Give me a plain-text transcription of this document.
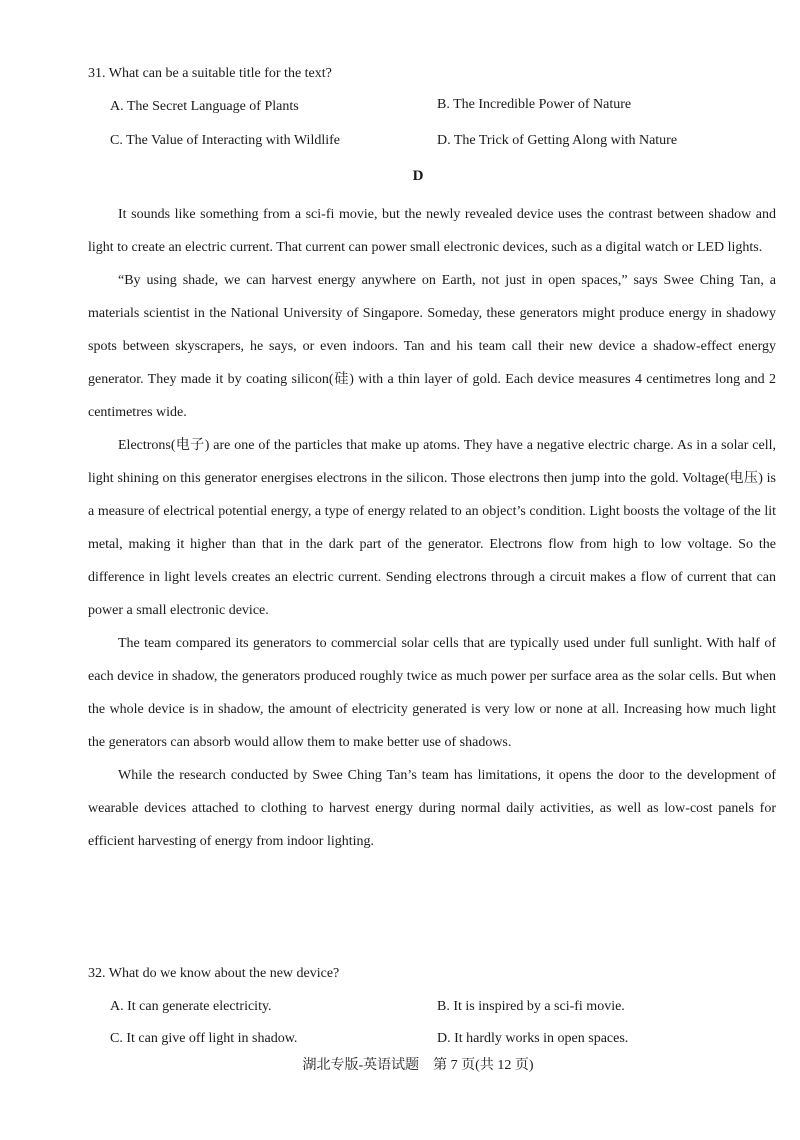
31. What can be a suitable title for the text?
A. The Secret Language of Plants	B. The Incredible Power of Nature
C. The Value of Interacting with Wildlife	D. The Trick of Getting Along with Nature
D

It sounds like something from a sci-fi movie, but the newly revealed device uses the contrast between shadow and light to create an electric current. That current can power small electronic devices, such as a digital watch or LED lights.

“By using shade, we can harvest energy anywhere on Earth, not just in open spaces,” says Swee Ching Tan, a materials scientist in the National University of Singapore. Someday, these generators might produce energy in shadowy spots between skyscrapers, he says, or even indoors. Tan and his team call their new device a shadow-effect energy generator. They made it by coating silicon(硅) with a thin layer of gold. Each device measures 4 centimetres long and 2 centimetres wide.

Electrons(电子) are one of the particles that make up atoms. They have a negative electric charge. As in a solar cell, light shining on this generator energises electrons in the silicon. Those electrons then jump into the gold. Voltage(电压) is a measure of electrical potential energy, a type of energy related to an object’s condition. Light boosts the voltage of the lit metal, making it higher than that in the dark part of the generator. Electrons flow from high to low voltage. So the difference in light levels creates an electric current. Sending electrons through a circuit makes a flow of current that can power a small electronic device.

The team compared its generators to commercial solar cells that are typically used under full sunlight. With half of each device in shadow, the generators produced roughly twice as much power per surface area as the solar cells. But when the whole device is in shadow, the amount of electricity generated is very low or none at all. Increasing how much light the generators can absorb would allow them to make better use of shadows.

While the research conducted by Swee Ching Tan’s team has limitations, it opens the door to the development of wearable devices attached to clothing to harvest energy during normal daily activities, as well as low-cost panels for efficient harvesting of energy from indoor lighting.

32. What do we know about the new device?
A. It can generate electricity.	B. It is inspired by a sci-fi movie.
C. It can give off light in shadow.	D. It hardly works in open spaces.
湖北专版-英语试题　第 7 页(共 12 页)
